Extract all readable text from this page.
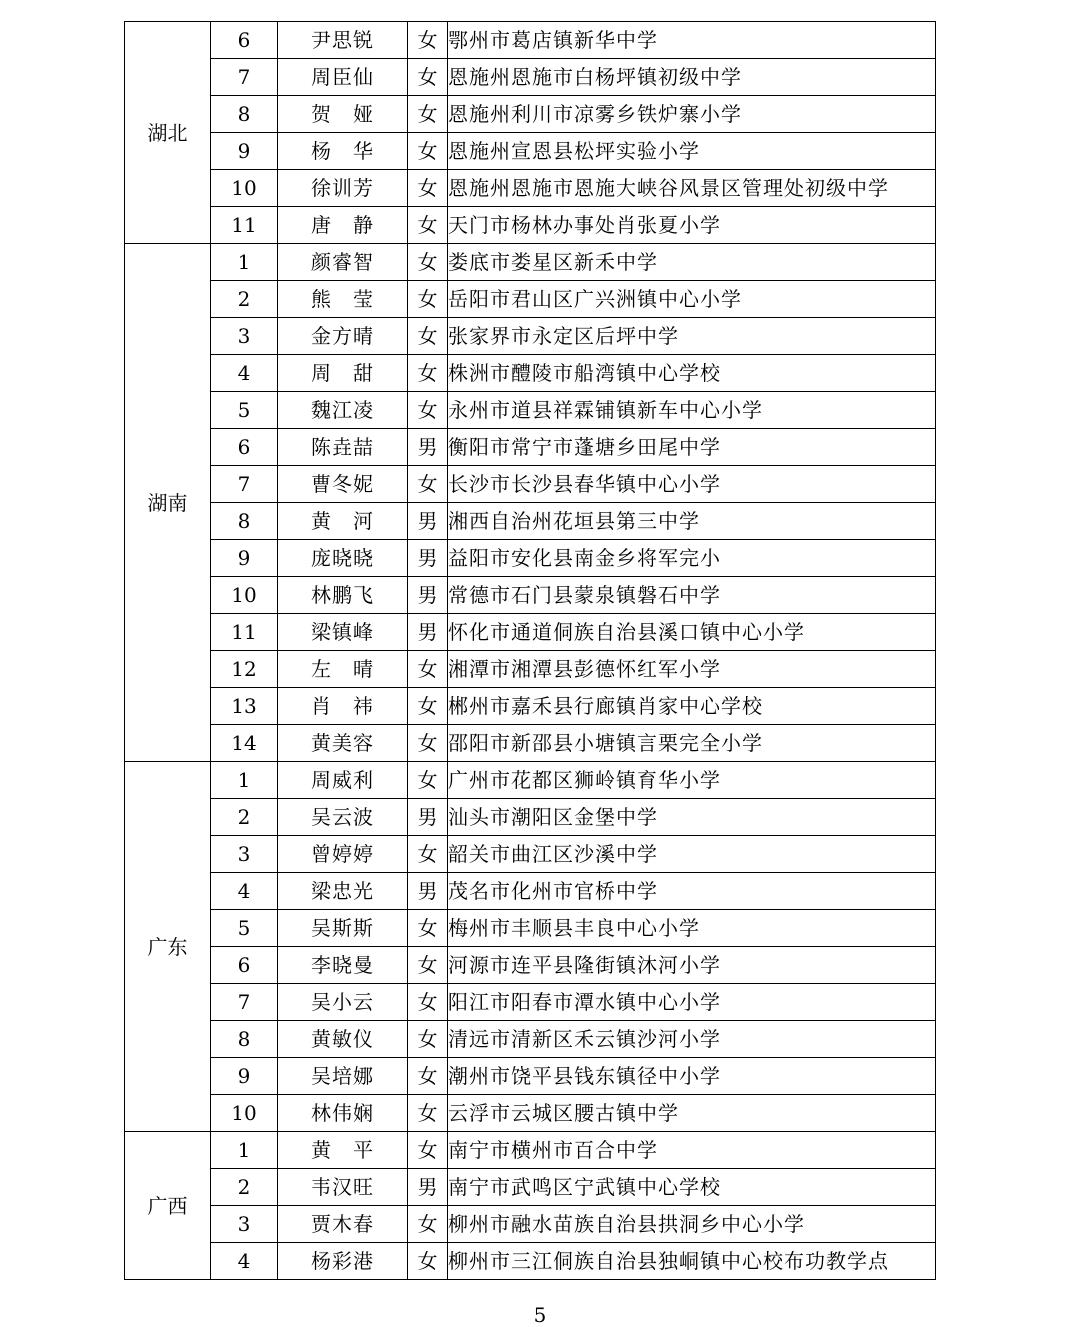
湖北	6	尹思锐	女	鄂州市葛店镇新华中学
	7	周臣仙	女	恩施州恩施市白杨坪镇初级中学
	8	贺　娅	女	恩施州利川市凉雾乡铁炉寨小学
	9	杨　华	女	恩施州宣恩县松坪实验小学
	10	徐训芳	女	恩施州恩施市恩施大峡谷风景区管理处初级中学
	11	唐　静	女	天门市杨林办事处肖张夏小学
湖南	1	颜睿智	女	娄底市娄星区新禾中学
	2	熊　莹	女	岳阳市君山区广兴洲镇中心小学
	3	金方晴	女	张家界市永定区后坪中学
	4	周　甜	女	株洲市醴陵市船湾镇中心学校
	5	魏江凌	女	永州市道县祥霖铺镇新车中心小学
	6	陈垚喆	男	衡阳市常宁市蓬塘乡田尾中学
	7	曹冬妮	女	长沙市长沙县春华镇中心小学
	8	黄　河	男	湘西自治州花垣县第三中学
	9	庞晓晓	男	益阳市安化县南金乡将军完小
	10	林鹏飞	男	常德市石门县蒙泉镇磐石中学
	11	梁镇峰	男	怀化市通道侗族自治县溪口镇中心小学
	12	左　晴	女	湘潭市湘潭县彭德怀红军小学
	13	肖　祎	女	郴州市嘉禾县行廊镇肖家中心学校
	14	黄美容	女	邵阳市新邵县小塘镇言栗完全小学
广东	1	周威利	女	广州市花都区狮岭镇育华小学
	2	吴云波	男	汕头市潮阳区金堡中学
	3	曾婷婷	女	韶关市曲江区沙溪中学
	4	梁忠光	男	茂名市化州市官桥中学
	5	吴斯斯	女	梅州市丰顺县丰良中心小学
	6	李晓曼	女	河源市连平县隆街镇沐河小学
	7	吴小云	女	阳江市阳春市潭水镇中心小学
	8	黄敏仪	女	清远市清新区禾云镇沙河小学
	9	吴培娜	女	潮州市饶平县钱东镇径中小学
	10	林伟娴	女	云浮市云城区腰古镇中学
广西	1	黄　平	女	南宁市横州市百合中学
	2	韦汉旺	男	南宁市武鸣区宁武镇中心学校
	3	贾木春	女	柳州市融水苗族自治县拱洞乡中心小学
	4	杨彩港	女	柳州市三江侗族自治县独峒镇中心校布功教学点
5
